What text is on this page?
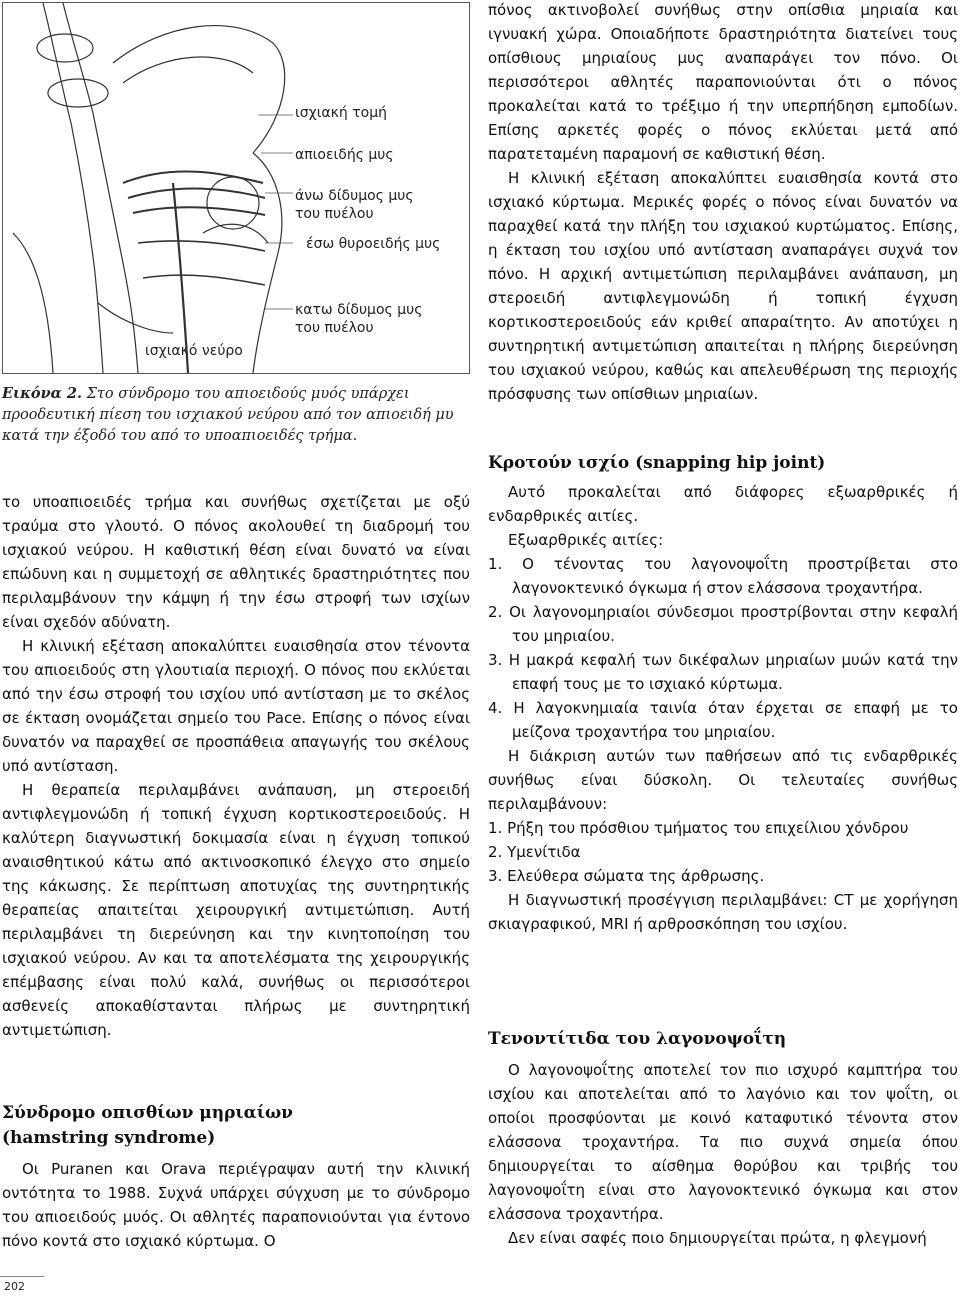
ισχιακή τομή
απιοειδής μυς
άνω δίδυμος μυς
του πυέλου
έσω θυροειδής μυς
κατω δίδυμος μυς
του πυέλου
ισχιακό νεύρο
Εικόνα 2. Στο σύνδρομο του απιοειδούς μυός υπάρχει προοδευτική πίεση του ισχιακού νεύρου από τον απιοειδή μυ κατά την έξοδό του από το υποαπιοειδές τρήμα.

το υποαπιοειδές τρήμα και συνήθως σχετίζεται με οξύ τραύμα στο γλουτό. Ο πόνος ακολουθεί τη διαδρομή του ισχιακού νεύρου. Η καθιστική θέση είναι δυνατό να είναι επώδυνη και η συμμετοχή σε αθλητικές δραστηριότητες που περιλαμβάνουν την κάμψη ή την έσω στροφή των ισχίων είναι σχεδόν αδύνατη.

Η κλινική εξέταση αποκαλύπτει ευαισθησία στον τένοντα του απιοειδούς στη γλουτιαία περιοχή. Ο πόνος που εκλύεται από την έσω στροφή του ισχίου υπό αντίσταση με το σκέλος σε έκταση ονομάζεται σημείο του Pace. Επίσης ο πόνος είναι δυνατόν να παραχθεί σε προσπάθεια απαγωγής του σκέλους υπό αντίσταση.

Η θεραπεία περιλαμβάνει ανάπαυση, μη στεροειδή αντιφλεγμονώδη ή τοπική έγχυση κορτικοστεροειδούς. Η καλύτερη διαγνωστική δοκιμασία είναι η έγχυση τοπικού αναισθητικού κάτω από ακτινοσκοπικό έλεγχο στο σημείο της κάκωσης. Σε περίπτωση αποτυχίας της συντηρητικής θεραπείας απαιτείται χειρουργική αντιμετώπιση. Αυτή περιλαμβάνει τη διερεύνηση και την κινητοποίηση του ισχιακού νεύρου. Αν και τα αποτελέσματα της χειρουργικής επέμβασης είναι πολύ καλά, συνήθως οι περισσότεροι ασθενείς αποκαθίστανται πλήρως με συντηρητική αντιμετώπιση.

Σύνδρομο οπισθίων μηριαίων
(hamstring syndrome)

Οι Puranen και Orava περιέγραψαν αυτή την κλινική οντότητα το 1988. Συχνά υπάρχει σύγχυση με το σύνδρομο του απιοειδούς μυός. Οι αθλητές παραπονιούνται για έντονο πόνο κοντά στο ισχιακό κύρτωμα. Ο

202

πόνος ακτινοβολεί συνήθως στην οπίσθια μηριαία και ιγνυακή χώρα. Οποιαδήποτε δραστηριότητα διατείνει τους οπίσθιους μηριαίους μυς αναπαράγει τον πόνο. Οι περισσότεροι αθλητές παραπονιούνται ότι ο πόνος προκαλείται κατά το τρέξιμο ή την υπερπήδηση εμποδίων. Επίσης αρκετές φορές ο πόνος εκλύεται μετά από παρατεταμένη παραμονή σε καθιστική θέση.

Η κλινική εξέταση αποκαλύπτει ευαισθησία κοντά στο ισχιακό κύρτωμα. Μερικές φορές ο πόνος είναι δυνατόν να παραχθεί κατά την πλήξη του ισχιακού κυρτώματος. Επίσης, η έκταση του ισχίου υπό αντίσταση αναπαράγει συχνά τον πόνο. Η αρχική αντιμετώπιση περιλαμβάνει ανάπαυση, μη στεροειδή αντιφλεγμονώδη ή τοπική έγχυση κορτικοστεροειδούς εάν κριθεί απαραίτητο. Αν αποτύχει η συντηρητική αντιμετώπιση απαιτείται η πλήρης διερεύνηση του ισχιακού νεύρου, καθώς και απελευθέρωση της περιοχής πρόσφυσης των οπίσθιων μηριαίων.

Κροτούν ισχίο (snapping hip joint)

Αυτό προκαλείται από διάφορες εξωαρθρικές ή ενδαρθρικές αιτίες.

Εξωαρθρικές αιτίες:

1. Ο τένοντας του λαγονοψοΐτη προστρίβεται στο λαγονοκτενικό όγκωμα ή στον ελάσσονα τροχαντήρα.
2. Οι λαγονομηριαίοι σύνδεσμοι προστρίβονται στην κεφαλή του μηριαίου.
3. Η μακρά κεφαλή των δικέφαλων μηριαίων μυών κατά την επαφή τους με το ισχιακό κύρτωμα.
4. Η λαγοκνημιαία ταινία όταν έρχεται σε επαφή με το μείζονα τροχαντήρα του μηριαίου.

Η διάκριση αυτών των παθήσεων από τις ενδαρθρικές συνήθως είναι δύσκολη. Οι τελευταίες συνήθως περιλαμβάνουν:

1. Ρήξη του πρόσθιου τμήματος του επιχείλιου χόνδρου
2. Υμενίτιδα
3. Ελεύθερα σώματα της άρθρωσης.

Η διαγνωστική προσέγγιση περιλαμβάνει: CT με χορήγηση σκιαγραφικού, MRI ή αρθροσκόπηση του ισχίου.

Τενοντίτιδα του λαγονοψοΐτη

Ο λαγονοψοΐτης αποτελεί τον πιο ισχυρό καμπτήρα του ισχίου και αποτελείται από το λαγόνιο και τον ψοΐτη, οι οποίοι προσφύονται με κοινό καταφυτικό τένοντα στον ελάσσονα τροχαντήρα. Τα πιο συχνά σημεία όπου δημιουργείται το αίσθημα θορύβου και τριβής του λαγονοψοΐτη είναι στο λαγονοκτενικό όγκωμα και στον ελάσσονα τροχαντήρα.

Δεν είναι σαφές ποιο δημιουργείται πρώτα, η φλεγμονή
